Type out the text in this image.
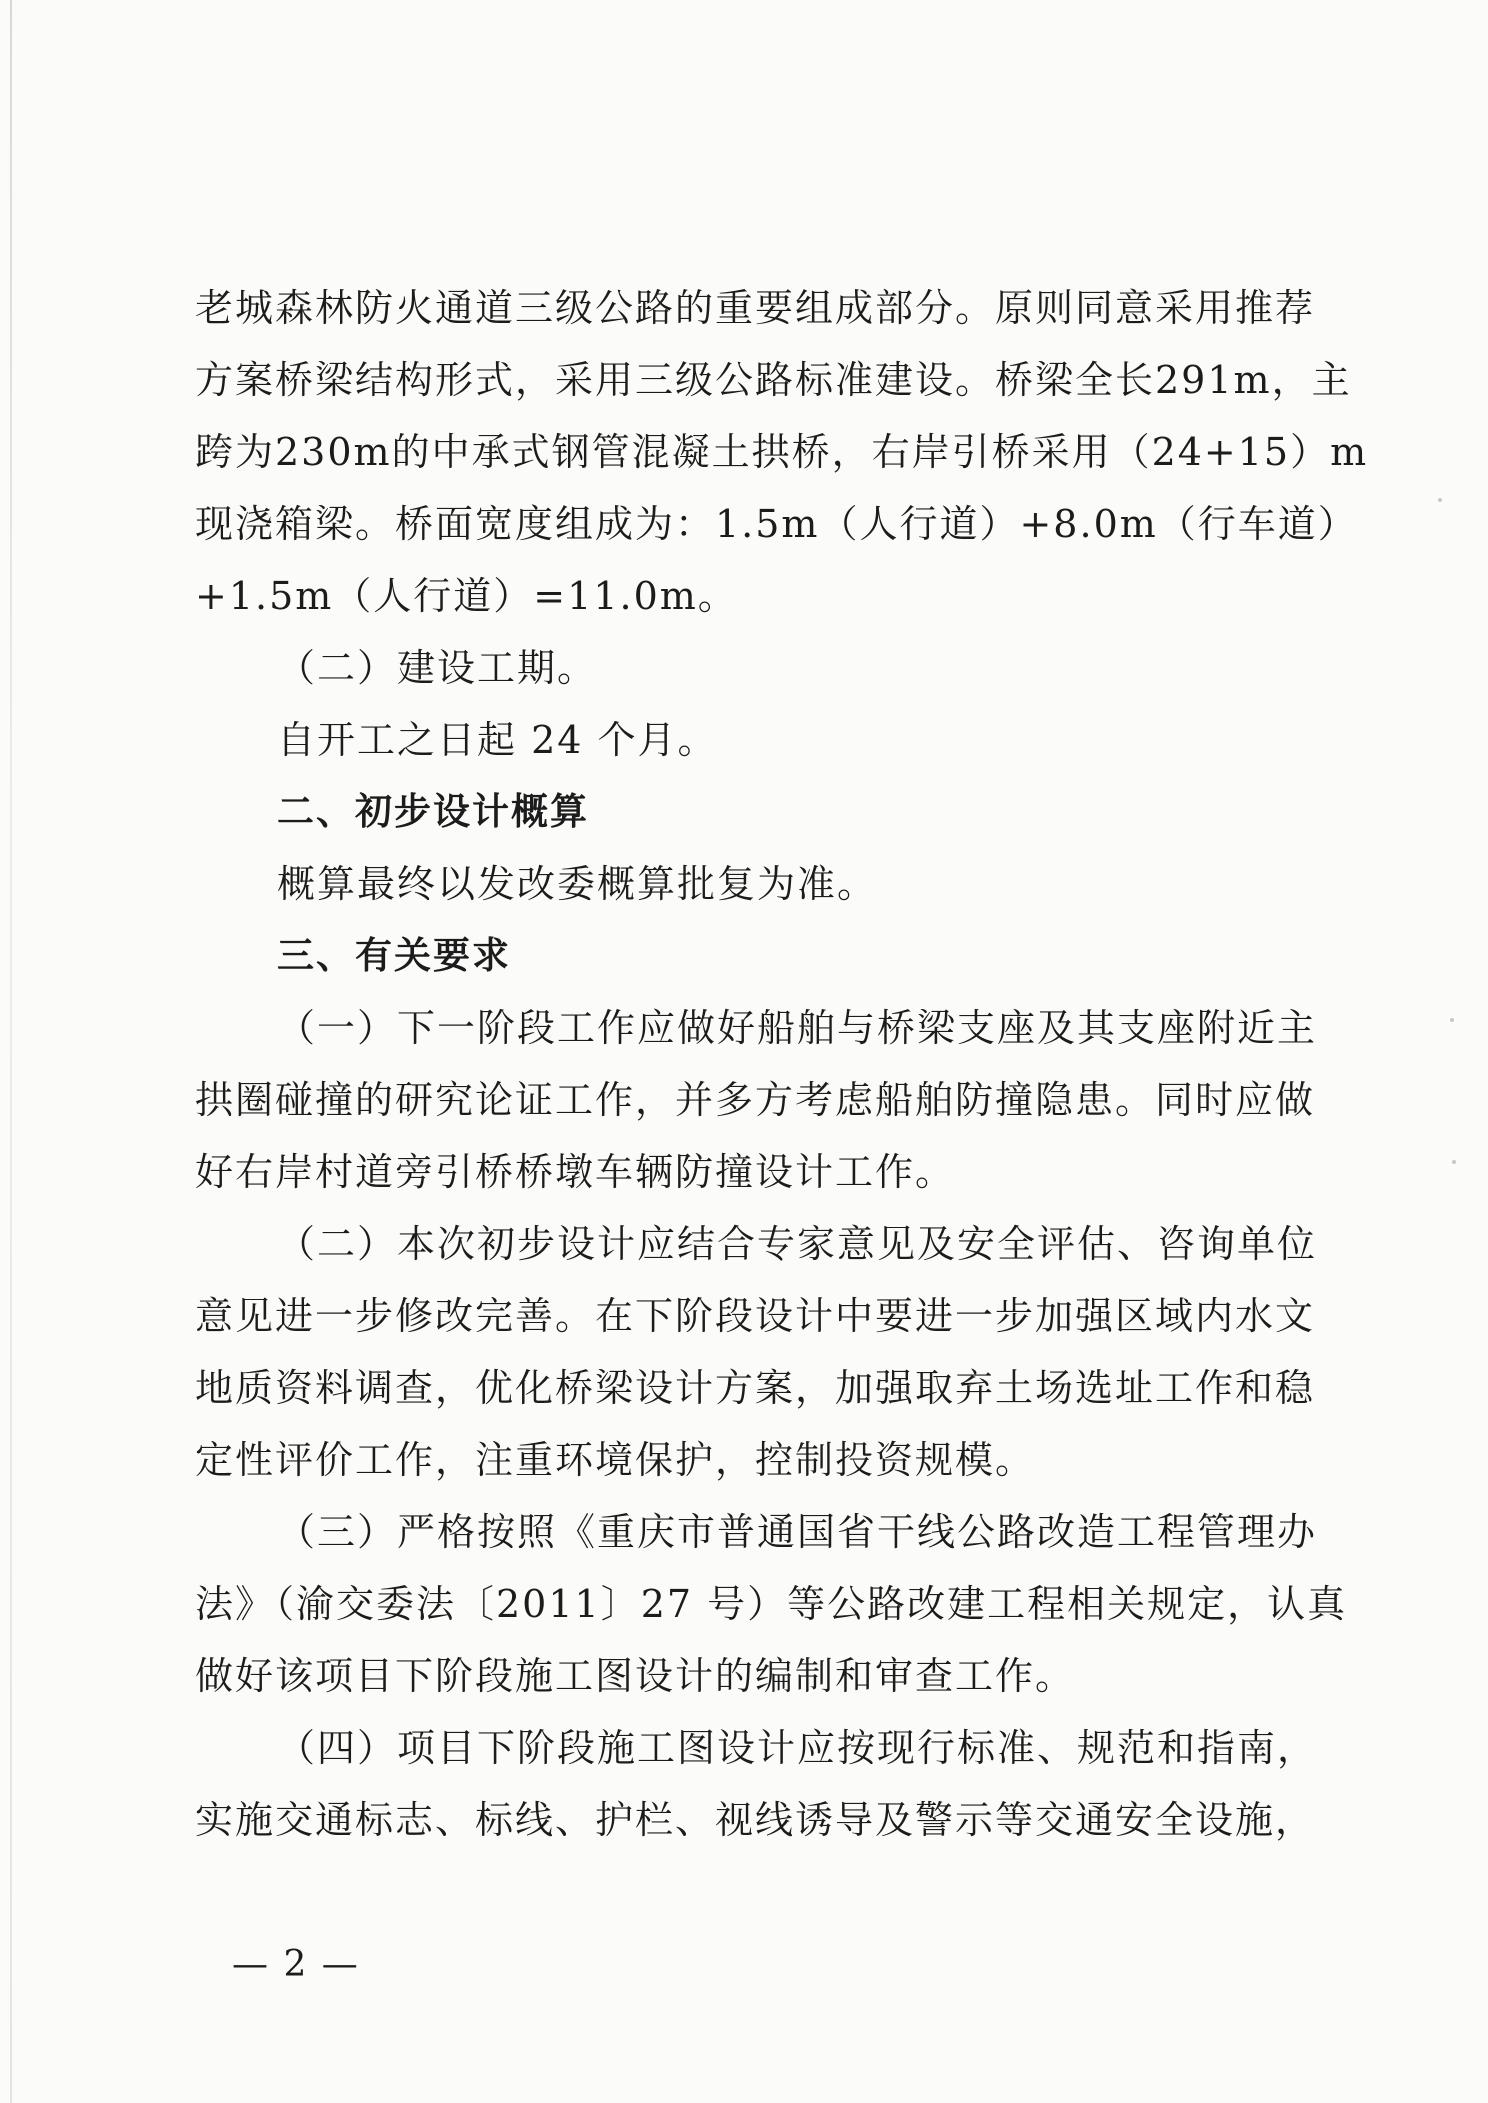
老城森林防火通道三级公路的重要组成部分。原则同意采用推荐
方案桥梁结构形式，采用三级公路标准建设。桥梁全长291m，主
跨为230m的中承式钢管混凝土拱桥，右岸引桥采用（24+15）m
现浇箱梁。桥面宽度组成为：1.5m（人行道）+8.0m（行车道）
+1.5m（人行道）=11.0m。
（二）建设工期。
自开工之日起 24 个月。
二、初步设计概算
概算最终以发改委概算批复为准。
三、有关要求
（一）下一阶段工作应做好船舶与桥梁支座及其支座附近主
拱圈碰撞的研究论证工作，并多方考虑船舶防撞隐患。同时应做
好右岸村道旁引桥桥墩车辆防撞设计工作。
（二）本次初步设计应结合专家意见及安全评估、咨询单位
意见进一步修改完善。在下阶段设计中要进一步加强区域内水文
地质资料调查，优化桥梁设计方案，加强取弃土场选址工作和稳
定性评价工作，注重环境保护，控制投资规模。
（三）严格按照《重庆市普通国省干线公路改造工程管理办
法》（渝交委法〔2011〕27 号）等公路改建工程相关规定，认真
做好该项目下阶段施工图设计的编制和审查工作。
（四）项目下阶段施工图设计应按现行标准、规范和指南，
实施交通标志、标线、护栏、视线诱导及警示等交通安全设施，
— 2 —
